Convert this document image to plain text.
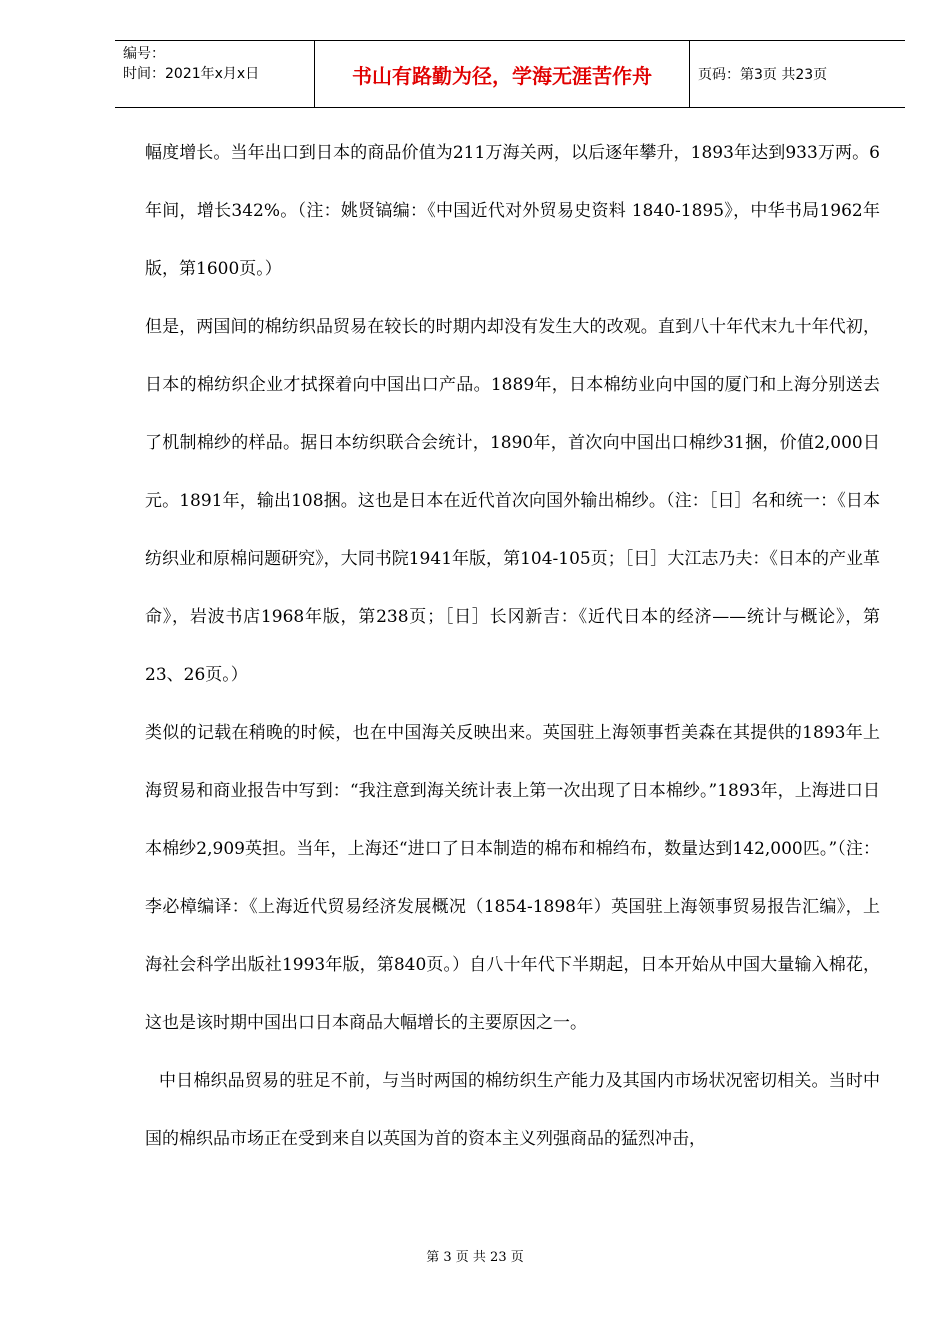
编号：
时间：2021年x月x日	书山有路勤为径，学海无涯苦作舟	页码：第3页 共23页

幅度增长。当年出口到日本的商品价值为211万海关两，以后逐年攀升，1893年达到933万两。6年间，增长342%。（注：姚贤镐编：《中国近代对外贸易史资料 1840-1895》，中华书局1962年版，第1600页。）

但是，两国间的棉纺织品贸易在较长的时期内却没有发生大的改观。直到八十年代末九十年代初，日本的棉纺织企业才拭探着向中国出口产品。1889年，日本棉纺业向中国的厦门和上海分别送去了机制棉纱的样品。据日本纺织联合会统计，1890年，首次向中国出口棉纱31捆，价值2,000日元。1891年，输出108捆。这也是日本在近代首次向国外输出棉纱。（注：［日］名和统一：《日本纺织业和原棉问题研究》，大同书院1941年版，第104-105页；［日］大江志乃夫：《日本的产业革命》，岩波书店1968年版，第238页；［日］长冈新吉：《近代日本的经济——统计与概论》，第23、26页。）

类似的记载在稍晚的时候，也在中国海关反映出来。英国驻上海领事哲美森在其提供的1893年上海贸易和商业报告中写到：“我注意到海关统计表上第一次出现了日本棉纱。”1893年，上海进口日本棉纱2,909英担。当年，上海还“进口了日本制造的棉布和棉绉布，数量达到142,000匹。”（注：李必樟编译：《上海近代贸易经济发展概况（1854-1898年）英国驻上海领事贸易报告汇编》，上海社会科学出版社1993年版，第840页。）自八十年代下半期起，日本开始从中国大量输入棉花，这也是该时期中国出口日本商品大幅增长的主要原因之一。

中日棉织品贸易的驻足不前，与当时两国的棉纺织生产能力及其国内市场状况密切相关。当时中国的棉织品市场正在受到来自以英国为首的资本主义列强商品的猛烈冲击，

第 3 页 共 23 页
